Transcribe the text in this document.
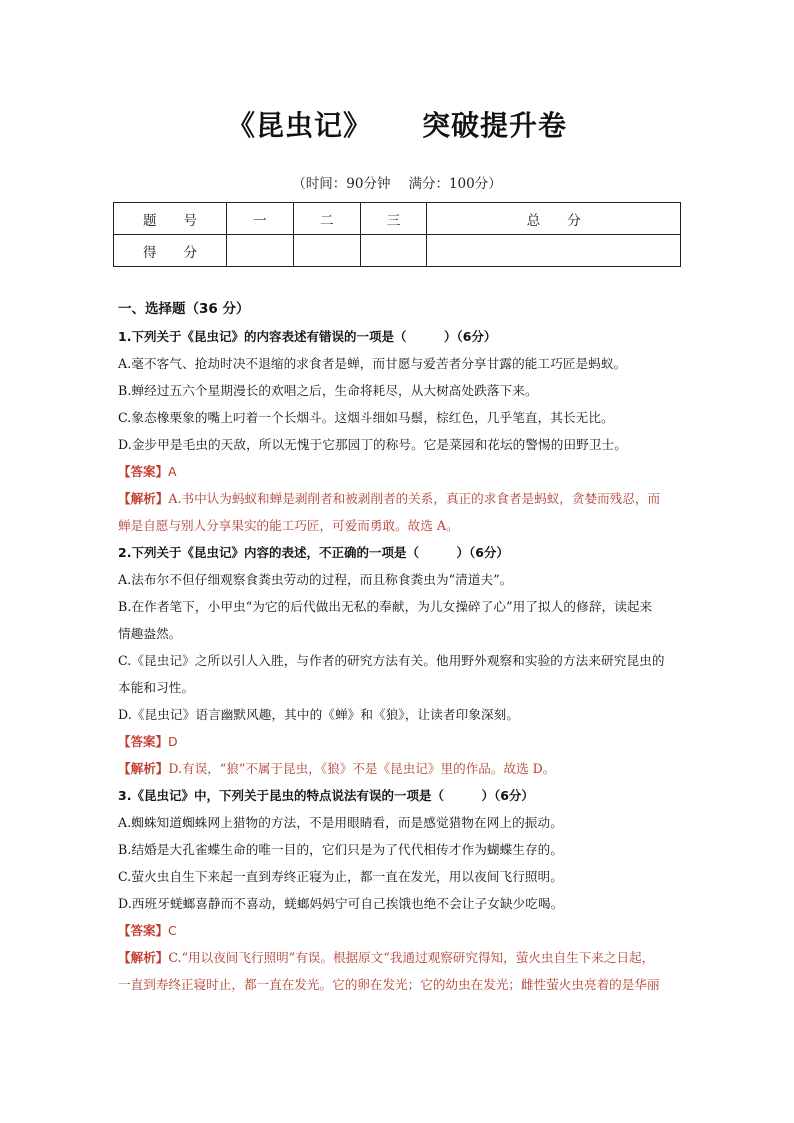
《昆虫记》 突破提升卷
（时间：90分钟 满分：100分）
题　　号	一	二	三	总　　分
得　　分				
一、选择题（36 分）
1.下列关于《昆虫记》的内容表述有错误的一项是（　　　）（6分）
A.毫不客气、抢劫时决不退缩的求食者是蝉，而甘愿与爱苦者分享甘露的能工巧匠是蚂蚁。
B.蝉经过五六个星期漫长的欢唱之后，生命将耗尽，从大树高处跌落下来。
C.象态橡栗象的嘴上叼着一个长烟斗。这烟斗细如马鬃，棕红色，几乎笔直，其长无比。
D.金步甲是毛虫的天敌，所以无愧于它那园丁的称号。它是菜园和花坛的警惕的田野卫士。
【答案】A
【解析】A.书中认为蚂蚁和蝉是剥削者和被剥削者的关系，真正的求食者是蚂蚁，贪婪而残忍，而
蝉是自愿与别人分享果实的能工巧匠，可爱而勇敢。故选 A。
2.下列关于《昆虫记》内容的表述，不正确的一项是（　　　）（6分）
A.法布尔不但仔细观察食粪虫劳动的过程，而且称食粪虫为“清道夫”。
B.在作者笔下，小甲虫“为它的后代做出无私的奉献，为儿女操碎了心”用了拟人的修辞，读起来
情趣盎然。
C.《昆虫记》之所以引人入胜，与作者的研究方法有关。他用野外观察和实验的方法来研究昆虫的
本能和习性。
D.《昆虫记》语言幽默风趣，其中的《蝉》和《狼》，让读者印象深刻。
【答案】D
【解析】D.有误，“狼”不属于昆虫，《狼》不是《昆虫记》里的作品。故选 D。
3.《昆虫记》中，下列关于昆虫的特点说法有误的一项是（　　　）（6分）
A.蜘蛛知道蜘蛛网上猎物的方法，不是用眼睛看，而是感觉猎物在网上的振动。
B.结婚是大孔雀蝶生命的唯一目的，它们只是为了代代相传才作为蝴蝶生存的。
C.萤火虫自生下来起一直到寿终正寝为止，都一直在发光，用以夜间飞行照明。
D.西班牙蜣螂喜静而不喜动，蜣螂妈妈宁可自己挨饿也绝不会让子女缺少吃喝。
【答案】C
【解析】C.“用以夜间飞行照明”有误。根据原文“我通过观察研究得知，萤火虫自生下来之日起，
一直到寿终正寝时止，都一直在发光。它的卵在发光；它的幼虫在发光；雌性萤火虫亮着的是华丽
